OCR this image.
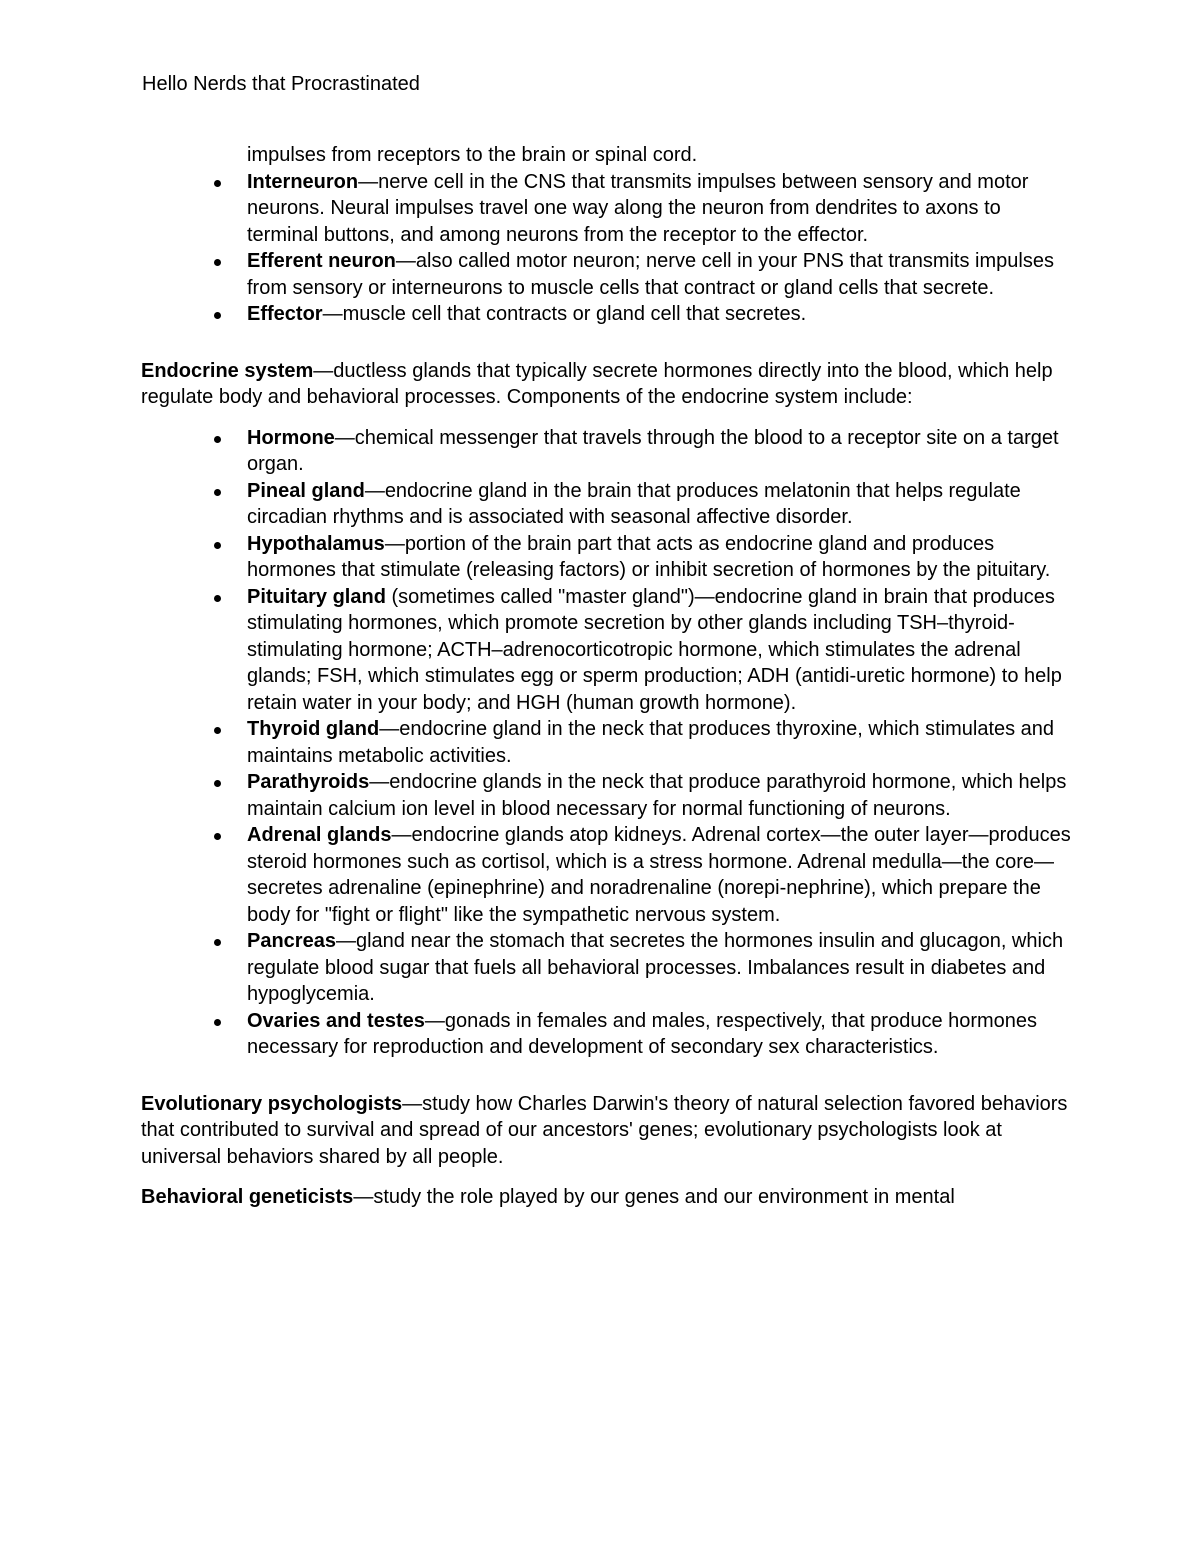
Hello Nerds that Procrastinated
impulses from receptors to the brain or spinal cord.
Interneuron—nerve cell in the CNS that transmits impulses between sensory and motor neurons. Neural impulses travel one way along the neuron from dendrites to axons to terminal buttons, and among neurons from the receptor to the effector.
Efferent neuron—also called motor neuron; nerve cell in your PNS that transmits impulses from sensory or interneurons to muscle cells that contract or gland cells that secrete.
Effector—muscle cell that contracts or gland cell that secretes.

Endocrine system—ductless glands that typically secrete hormones directly into the blood, which help regulate body and behavioral processes. Components of the endocrine system include:

Hormone—chemical messenger that travels through the blood to a receptor site on a target organ.
Pineal gland—endocrine gland in the brain that produces melatonin that helps regulate circadian rhythms and is associated with seasonal affective disorder.
Hypothalamus—portion of the brain part that acts as endocrine gland and produces hormones that stimulate (releasing factors) or inhibit secretion of hormones by the pituitary.
Pituitary gland (sometimes called "master gland")—endocrine gland in brain that produces stimulating hormones, which promote secretion by other glands including TSH–thyroid-stimulating hormone; ACTH–adrenocorticotropic hormone, which stimulates the adrenal glands; FSH, which stimulates egg or sperm production; ADH (antidi-uretic hormone) to help retain water in your body; and HGH (human growth hormone).
Thyroid gland—endocrine gland in the neck that produces thyroxine, which stimulates and maintains metabolic activities.
Parathyroids—endocrine glands in the neck that produce parathyroid hormone, which helps maintain calcium ion level in blood necessary for normal functioning of neurons.
Adrenal glands—endocrine glands atop kidneys. Adrenal cortex—the outer layer—produces steroid hormones such as cortisol, which is a stress hormone. Adrenal medulla—the core—secretes adrenaline (epinephrine) and noradrenaline (norepi-nephrine), which prepare the body for "fight or flight" like the sympathetic nervous system.
Pancreas—gland near the stomach that secretes the hormones insulin and glucagon, which regulate blood sugar that fuels all behavioral processes. Imbalances result in diabetes and hypoglycemia.
Ovaries and testes—gonads in females and males, respectively, that produce hormones necessary for reproduction and development of secondary sex characteristics.

Evolutionary psychologists—study how Charles Darwin's theory of natural selection favored behaviors that contributed to survival and spread of our ancestors' genes; evolutionary psychologists look at universal behaviors shared by all people.

Behavioral geneticists—study the role played by our genes and our environment in mental
